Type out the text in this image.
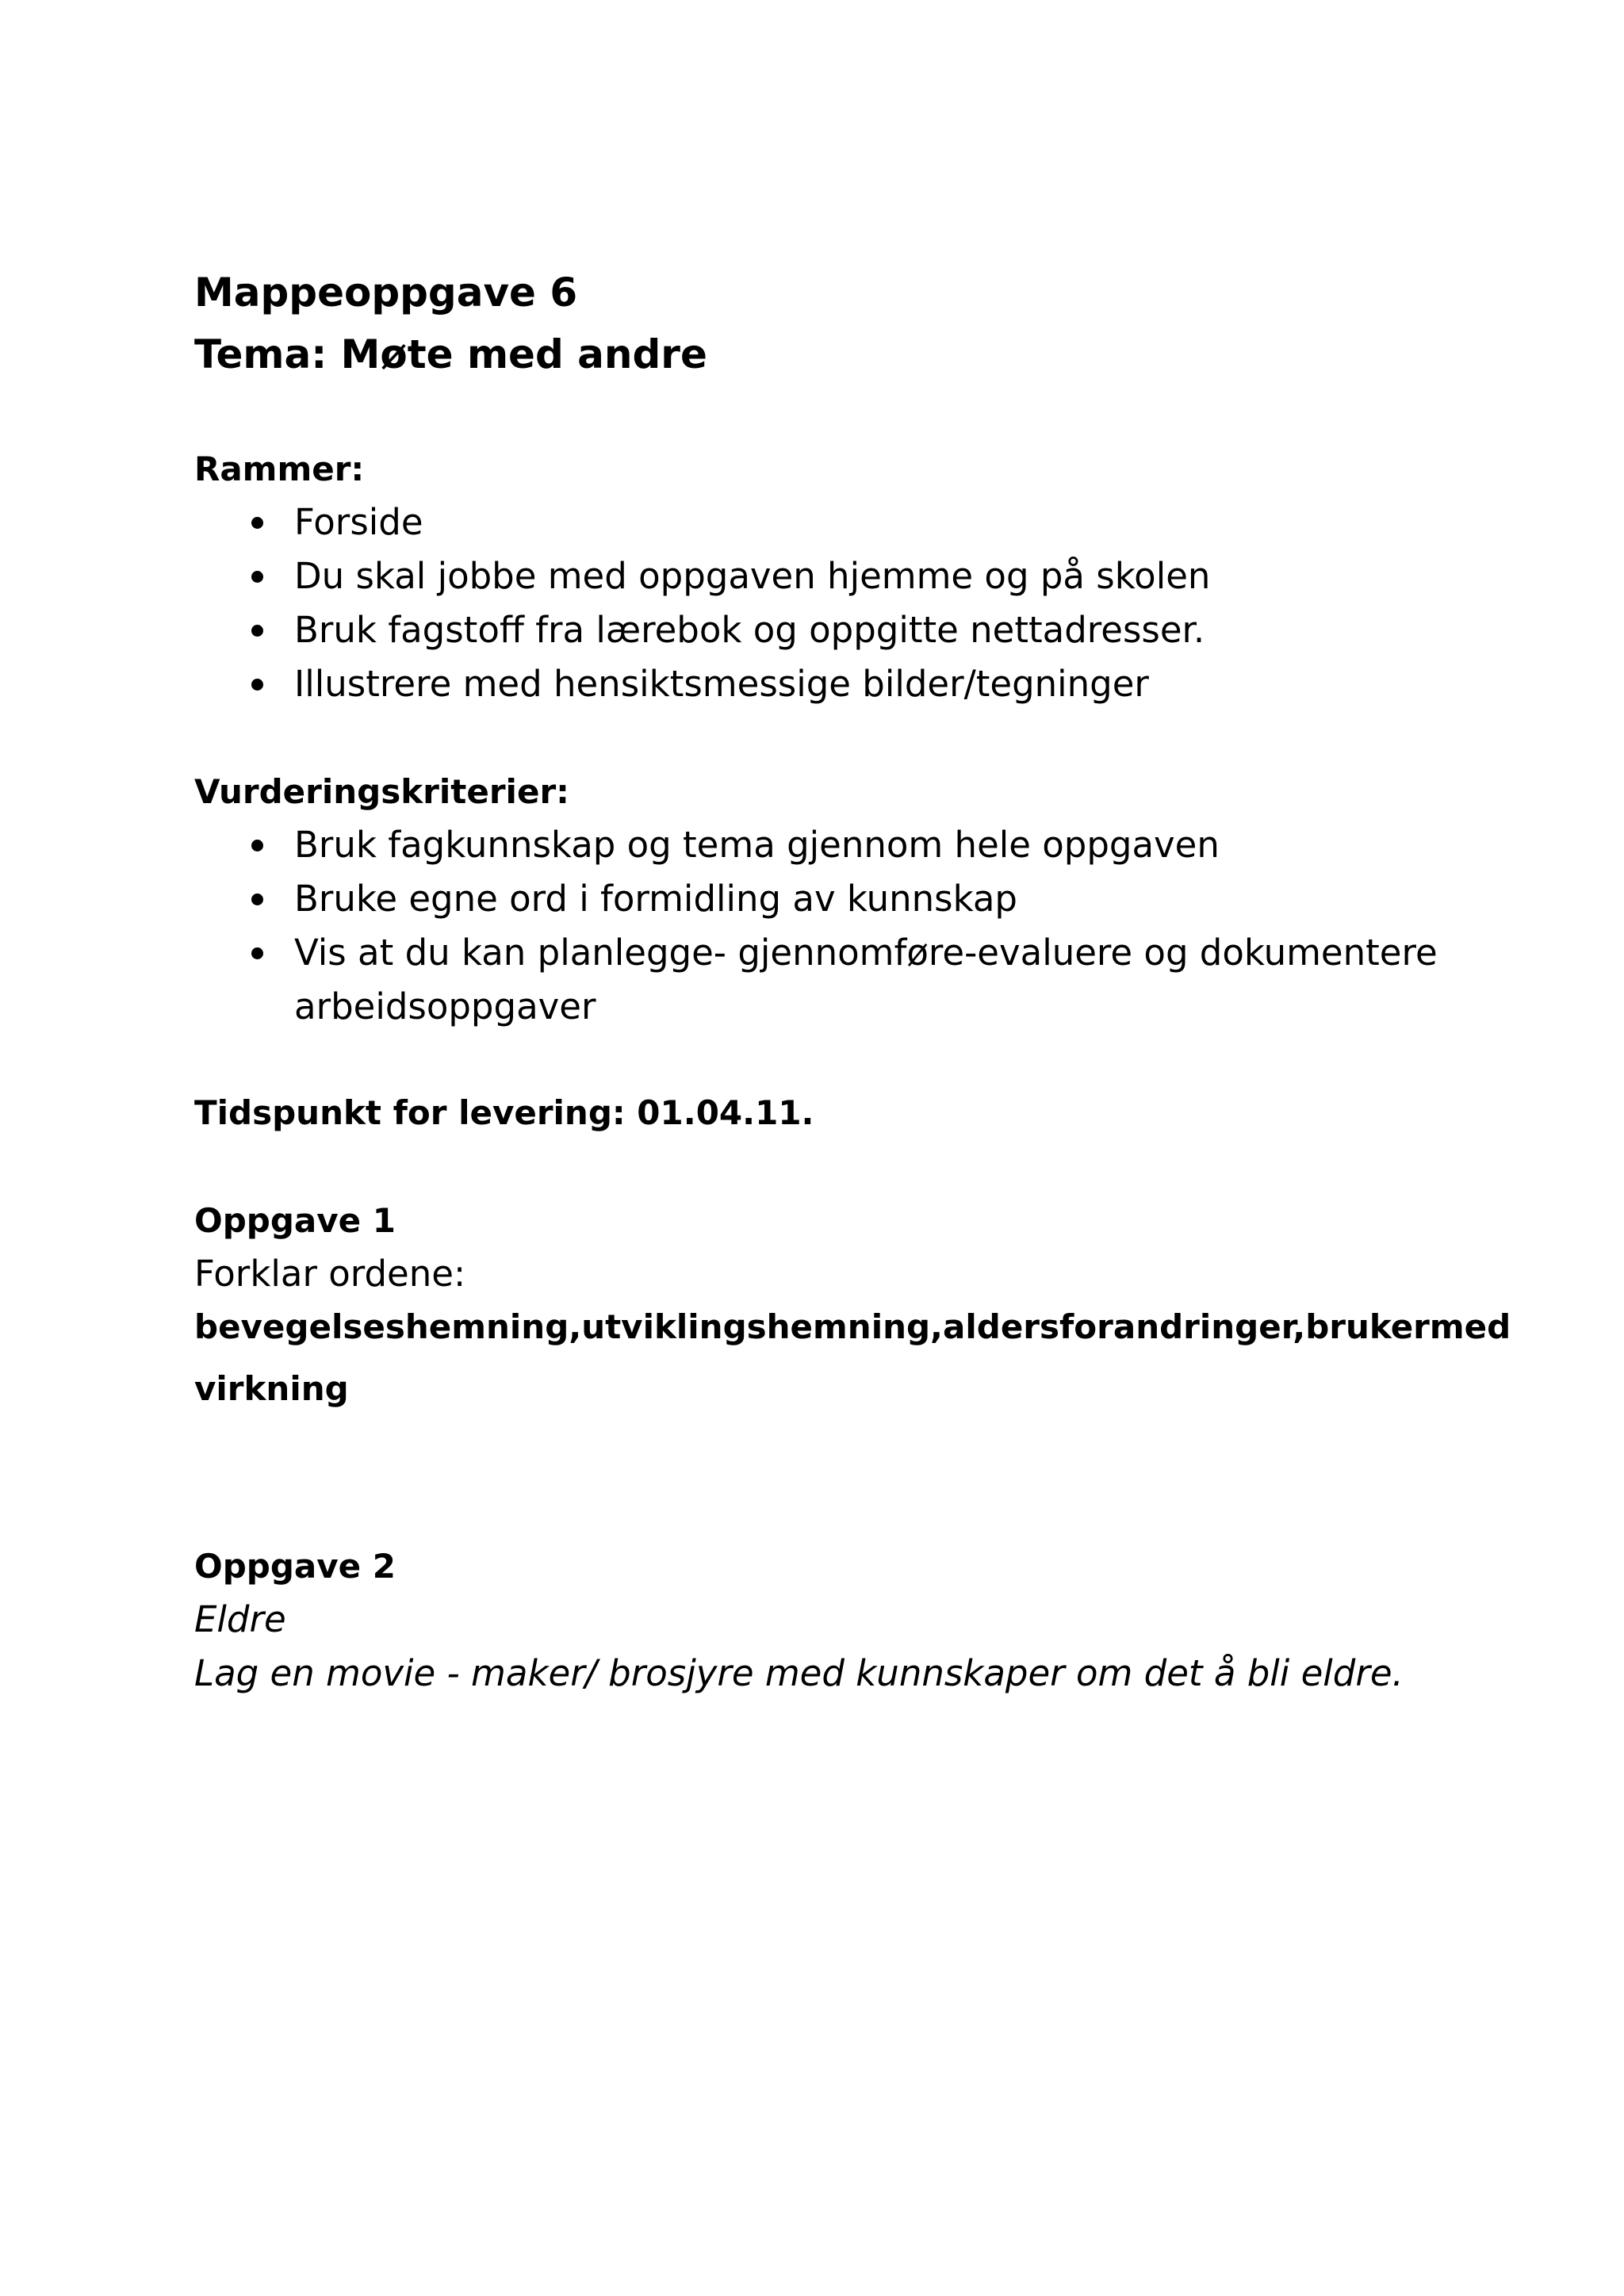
Mappeoppgave 6
Tema: Møte med andre
Rammer:
Forside
Du skal jobbe med oppgaven hjemme og på skolen
Bruk fagstoff fra lærebok og oppgitte nettadresser.
Illustrere med hensiktsmessige bilder/tegninger
Vurderingskriterier:
Bruk fagkunnskap og tema gjennom hele oppgaven
Bruke egne ord i formidling av kunnskap
Vis at du kan planlegge- gjennomføre-evaluere og dokumentere arbeidsoppgaver

Tidspunkt for levering: 01.04.11.

Oppgave 1

Forklar ordene:

bevegelseshemning,utviklingshemning,aldersforandringer,brukermed

virkning

Oppgave 2

Eldre

Lag en movie - maker/ brosjyre med kunnskaper om det å bli eldre.
